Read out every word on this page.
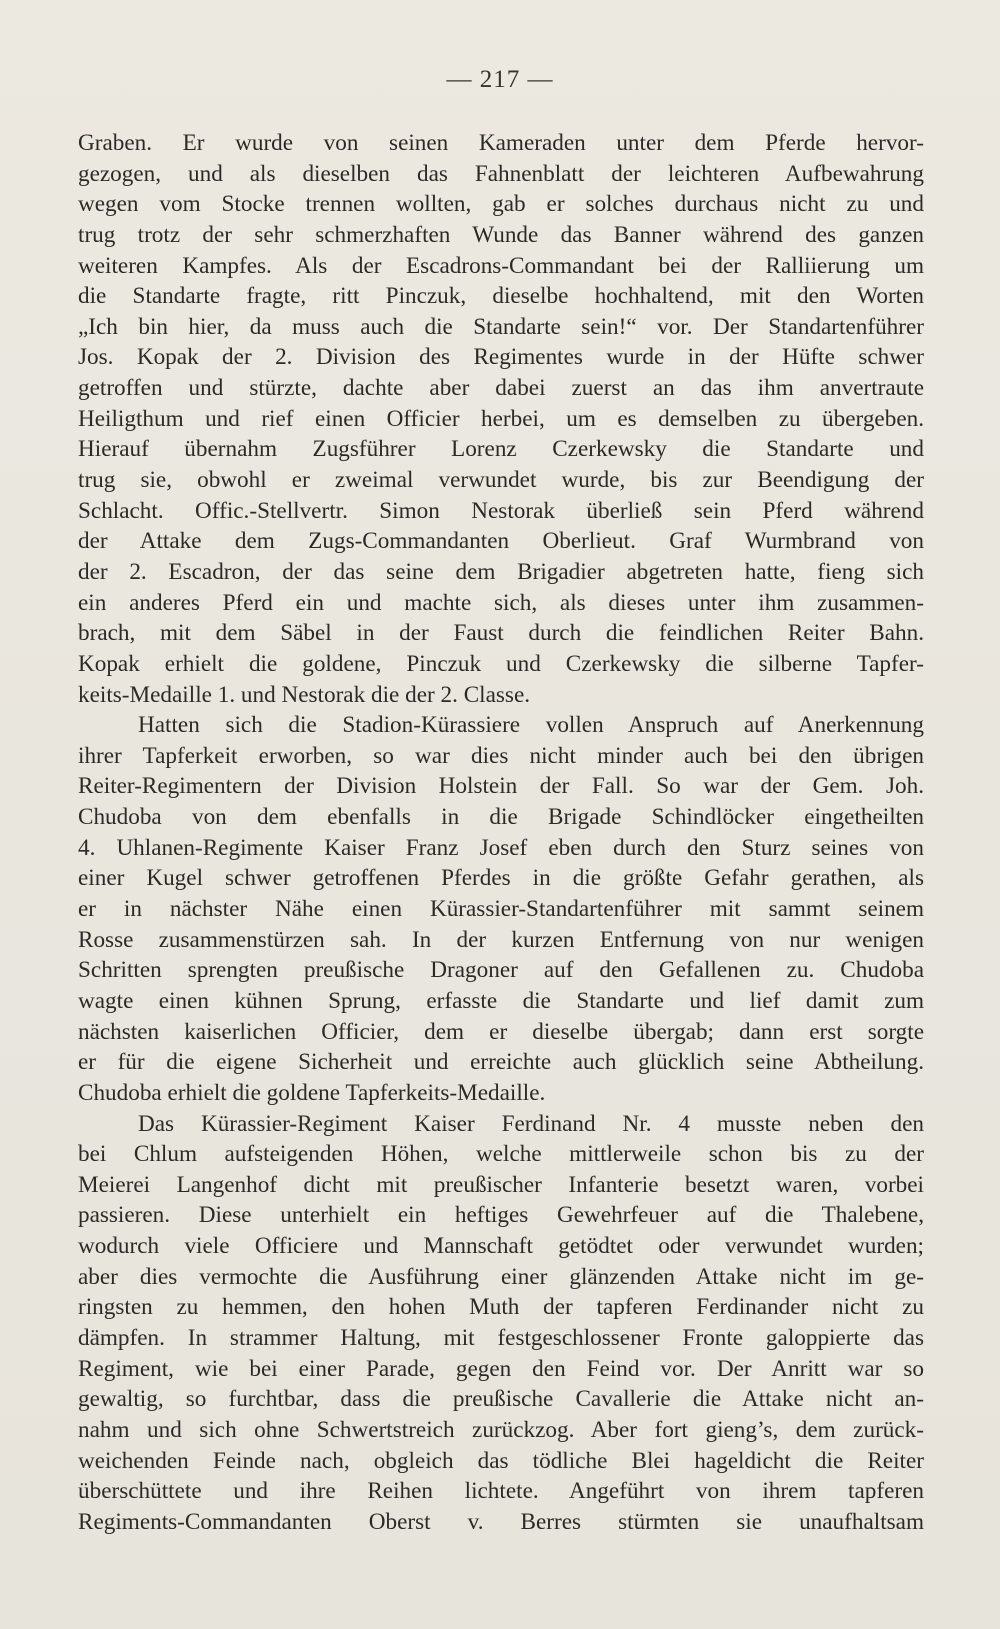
— 217 —
Graben. Er wurde von seinen Kameraden unter dem Pferde hervor-
gezogen, und als dieselben das Fahnenblatt der leichteren Aufbewahrung
wegen vom Stocke trennen wollten, gab er solches durchaus nicht zu und
trug trotz der sehr schmerzhaften Wunde das Banner während des ganzen
weiteren Kampfes. Als der Escadrons-Commandant bei der Ralliierung um
die Standarte fragte, ritt Pinczuk, dieselbe hochhaltend, mit den Worten
„Ich bin hier, da muss auch die Standarte sein!“ vor. Der Standartenführer
Jos. Kopak der 2. Division des Regimentes wurde in der Hüfte schwer
getroffen und stürzte, dachte aber dabei zuerst an das ihm anvertraute
Heiligthum und rief einen Officier herbei, um es demselben zu übergeben.
Hierauf übernahm Zugsführer Lorenz Czerkewsky die Standarte und
trug sie, obwohl er zweimal verwundet wurde, bis zur Beendigung der
Schlacht. Offic.-Stellvertr. Simon Nestorak überließ sein Pferd während
der Attake dem Zugs-Commandanten Oberlieut. Graf Wurmbrand von
der 2. Escadron, der das seine dem Brigadier abgetreten hatte, fieng sich
ein anderes Pferd ein und machte sich, als dieses unter ihm zusammen-
brach, mit dem Säbel in der Faust durch die feindlichen Reiter Bahn.
Kopak erhielt die goldene, Pinczuk und Czerkewsky die silberne Tapfer-
keits-Medaille 1. und Nestorak die der 2. Classe.
Hatten sich die Stadion-Kürassiere vollen Anspruch auf Anerkennung
ihrer Tapferkeit erworben, so war dies nicht minder auch bei den übrigen
Reiter-Regimentern der Division Holstein der Fall. So war der Gem. Joh.
Chudoba von dem ebenfalls in die Brigade Schindlöcker eingetheilten
4. Uhlanen-Regimente Kaiser Franz Josef eben durch den Sturz seines von
einer Kugel schwer getroffenen Pferdes in die größte Gefahr gerathen, als
er in nächster Nähe einen Kürassier-Standartenführer mit sammt seinem
Rosse zusammenstürzen sah. In der kurzen Entfernung von nur wenigen
Schritten sprengten preußische Dragoner auf den Gefallenen zu. Chudoba
wagte einen kühnen Sprung, erfasste die Standarte und lief damit zum
nächsten kaiserlichen Officier, dem er dieselbe übergab; dann erst sorgte
er für die eigene Sicherheit und erreichte auch glücklich seine Abtheilung.
Chudoba erhielt die goldene Tapferkeits-Medaille.
Das Kürassier-Regiment Kaiser Ferdinand Nr. 4 musste neben den
bei Chlum aufsteigenden Höhen, welche mittlerweile schon bis zu der
Meierei Langenhof dicht mit preußischer Infanterie besetzt waren, vorbei
passieren. Diese unterhielt ein heftiges Gewehrfeuer auf die Thalebene,
wodurch viele Officiere und Mannschaft getödtet oder verwundet wurden;
aber dies vermochte die Ausführung einer glänzenden Attake nicht im ge-
ringsten zu hemmen, den hohen Muth der tapferen Ferdinander nicht zu
dämpfen. In strammer Haltung, mit festgeschlossener Fronte galoppierte das
Regiment, wie bei einer Parade, gegen den Feind vor. Der Anritt war so
gewaltig, so furchtbar, dass die preußische Cavallerie die Attake nicht an-
nahm und sich ohne Schwertstreich zurückzog. Aber fort gieng’s, dem zurück-
weichenden Feinde nach, obgleich das tödliche Blei hageldicht die Reiter
überschüttete und ihre Reihen lichtete. Angeführt von ihrem tapferen
Regiments-Commandanten Oberst v. Berres stürmten sie unaufhaltsam
